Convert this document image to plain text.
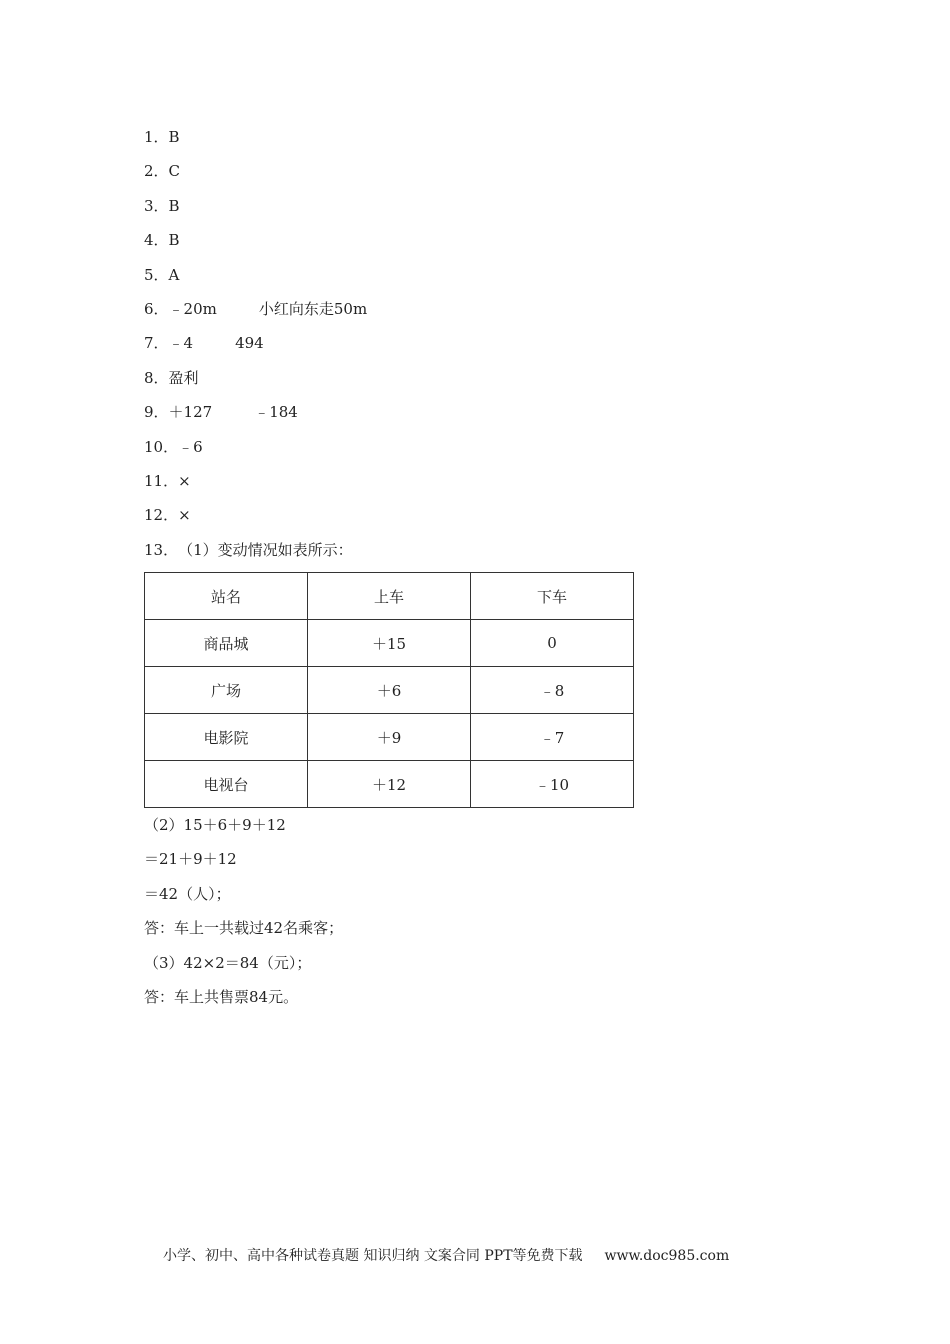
1．B
2．C
3．B
4．B
5．A
6．﹣20m	小红向东走50m
7．﹣4	494
8．盈利
9．＋127	﹣184
10．﹣6
11．×
12．×
13．（1）变动情况如表所示：
站名	上车	下车
商品城	＋15	0
广场	＋6	﹣8
电影院	＋9	﹣7
电视台	＋12	﹣10
（2）15＋6＋9＋12
＝21＋9＋12
＝42（人）；
答：车上一共载过42名乘客；
（3）42×2＝84（元）；
答：车上共售票84元。
小学、初中、高中各种试卷真题 知识归纳 文案合同 PPT等免费下载 www.doc985.com
